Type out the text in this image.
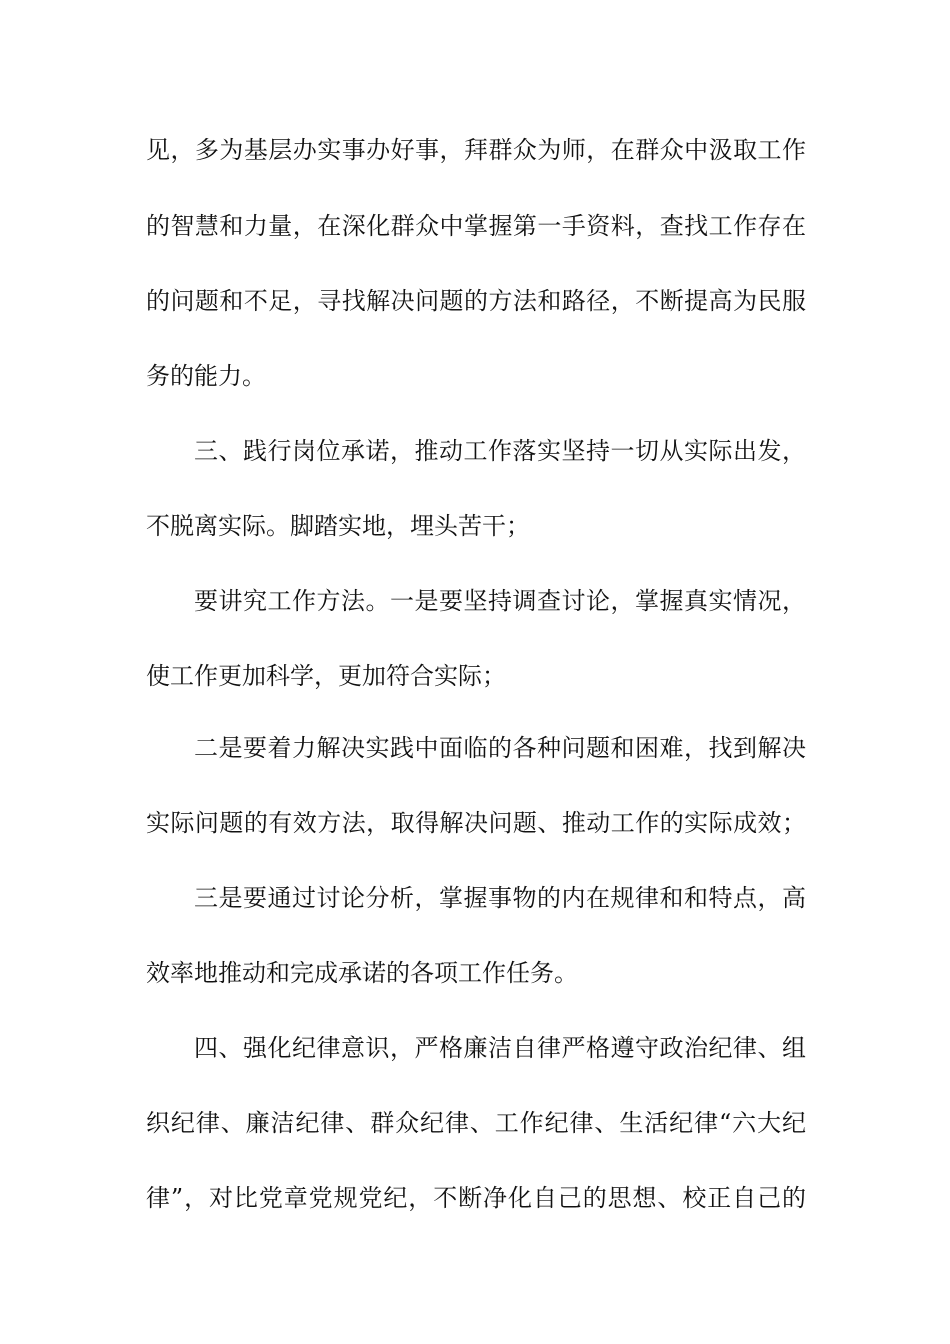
见，多为基层办实事办好事，拜群众为师，在群众中汲取工作
的智慧和力量，在深化群众中掌握第一手资料，查找工作存在
的问题和不足，寻找解决问题的方法和路径，不断提高为民服
务的能力。
三、践行岗位承诺，推动工作落实坚持一切从实际出发，
不脱离实际。脚踏实地，埋头苦干；
要讲究工作方法。一是要坚持调查讨论，掌握真实情况，
使工作更加科学，更加符合实际；
二是要着力解决实践中面临的各种问题和困难，找到解决
实际问题的有效方法，取得解决问题、推动工作的实际成效；
三是要通过讨论分析，掌握事物的内在规律和和特点，高
效率地推动和完成承诺的各项工作任务。
四、强化纪律意识，严格廉洁自律严格遵守政治纪律、组
织纪律、廉洁纪律、群众纪律、工作纪律、生活纪律“六大纪
律”，对比党章党规党纪，不断净化自己的思想、校正自己的
